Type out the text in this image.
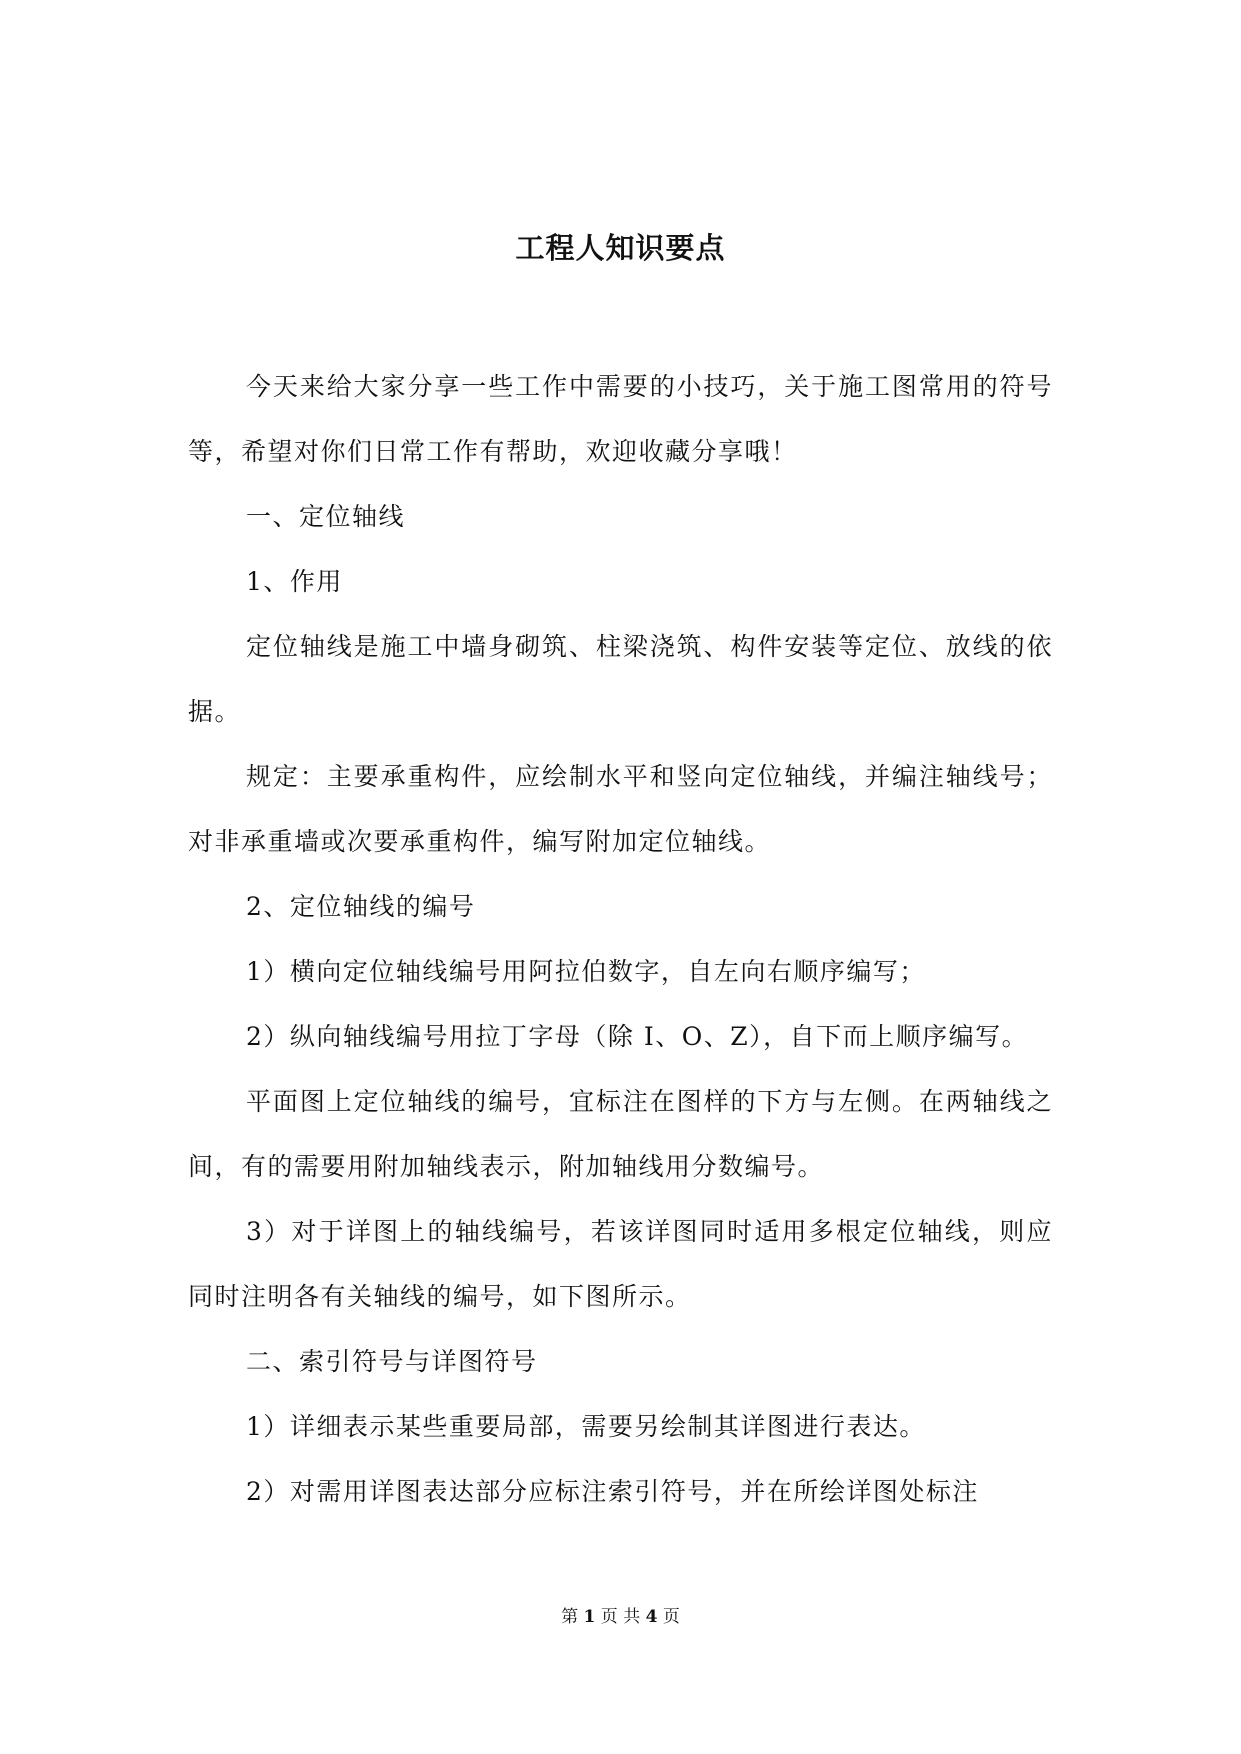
工程人知识要点

今天来给大家分享一些工作中需要的小技巧，关于施工图常用的符号等，希望对你们日常工作有帮助，欢迎收藏分享哦！

一、定位轴线

1、作用

定位轴线是施工中墙身砌筑、柱梁浇筑、构件安装等定位、放线的依据。

规定：主要承重构件，应绘制水平和竖向定位轴线，并编注轴线号；对非承重墙或次要承重构件，编写附加定位轴线。

2、定位轴线的编号

1）横向定位轴线编号用阿拉伯数字，自左向右顺序编写；

2）纵向轴线编号用拉丁字母（除 I、O、Z），自下而上顺序编写。

平面图上定位轴线的编号，宜标注在图样的下方与左侧。在两轴线之间，有的需要用附加轴线表示，附加轴线用分数编号。

3）对于详图上的轴线编号，若该详图同时适用多根定位轴线，则应同时注明各有关轴线的编号，如下图所示。

二、索引符号与详图符号

1）详细表示某些重要局部，需要另绘制其详图进行表达。

2）对需用详图表达部分应标注索引符号，并在所绘详图处标注

第 1 页 共 4 页
